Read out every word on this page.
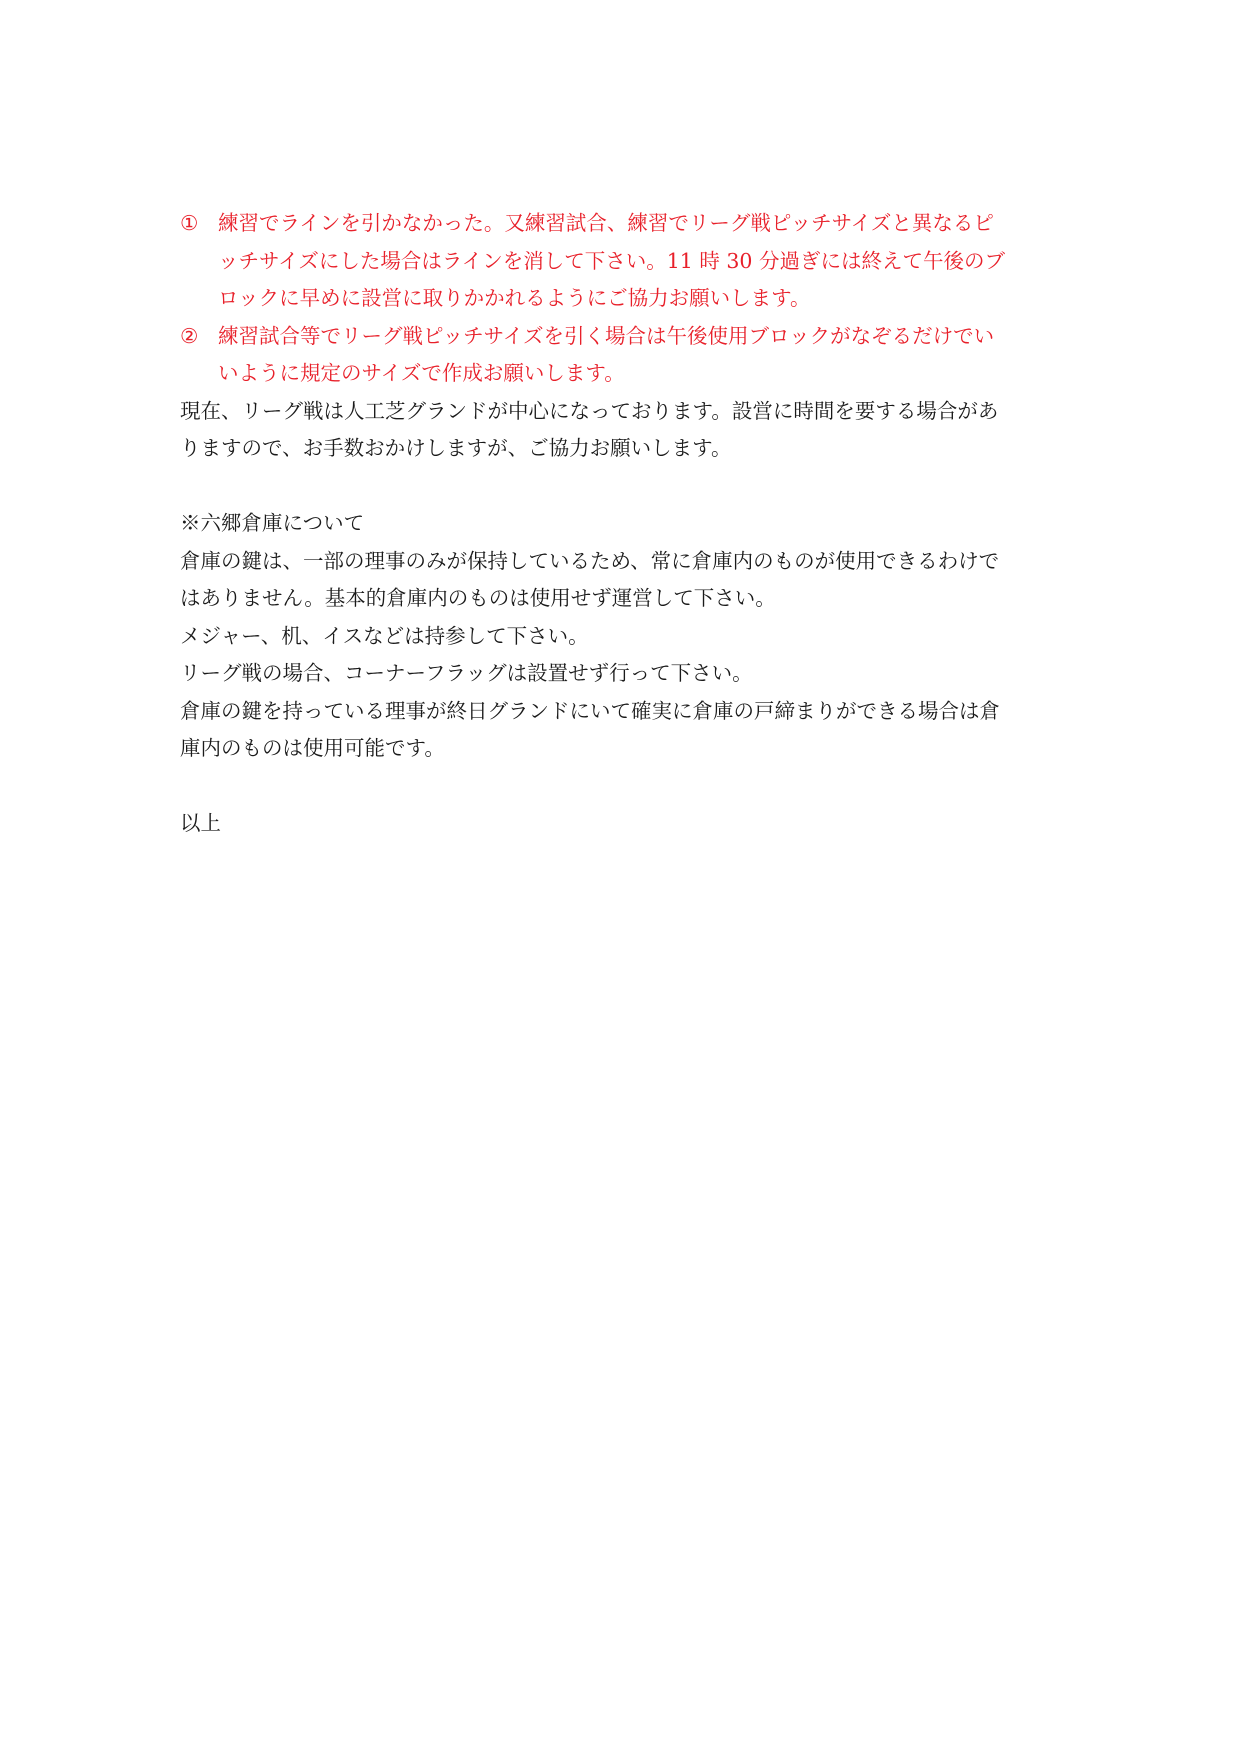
① 練習でラインを引かなかった。又練習試合、練習でリーグ戦ピッチサイズと異なるピ
ッチサイズにした場合はラインを消して下さい。11 時 30 分過ぎには終えて午後のブ
ロックに早めに設営に取りかかれるようにご協力お願いします。
② 練習試合等でリーグ戦ピッチサイズを引く場合は午後使用ブロックがなぞるだけでい
いように規定のサイズで作成お願いします。
現在、リーグ戦は人工芝グランドが中心になっております。設営に時間を要する場合があ
りますので、お手数おかけしますが、ご協力お願いします。
※六郷倉庫について
倉庫の鍵は、一部の理事のみが保持しているため、常に倉庫内のものが使用できるわけで
はありません。基本的倉庫内のものは使用せず運営して下さい。
メジャー、机、イスなどは持参して下さい。
リーグ戦の場合、コーナーフラッグは設置せず行って下さい。
倉庫の鍵を持っている理事が終日グランドにいて確実に倉庫の戸締まりができる場合は倉
庫内のものは使用可能です。
以上
